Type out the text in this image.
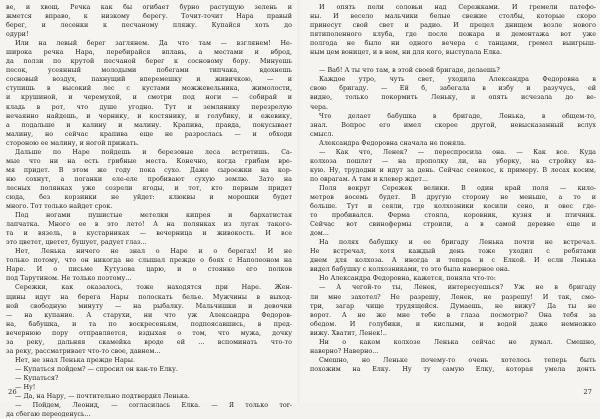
ве, и хвощ. Речка как бы огибает бурно растущую зелень и
жмется вправо, к низкому берегу. Точит-точит Нара правый
берег, и лесенки к песчаному пляжу. Купайся хоть до
одури!
Или на левый берег заглянем. Да что там — взглянем! Не-
широка речка Нара, перебирайся вплавь, а местами и вброд,
да ползи по крутой песчаной берег к сосновому бору. Минуешь
песок, усеянный молодыми побегами типчака, вдохнешь
сосновый воздух, пахнущий вперемешку и живичкою, — и
ступишь в высокий лес с кустами можжевельника, жимолости,
и крушиной, и черемухой, и смотри под ноги — собирай и
кладь в рот, что душе угодно. Тут и землянику перезрелую
нечаянно найдешь, и чернику, и костянику, и голубику, и ежевику,
а подальше и калину и малину. Крапива, правда, покусывает
малину, но сейчас крапива еще не разрослась — и обходи
стороною ее малину, и ногой прижать.
Дальше по Наре пойдешь и березовые леса встретишь. Са-
мые что ни на есть грибные места. Конечно, когда грибам вре-
мя придет. В этом же году пока сухо. Даже сыроежки на кор-
ню сохнут, а поганки еле-еле пробивают сухую землю. Зато на
лесных полянках уже созрели ягоды, и тот, кто первым придет
сюда, без корзинки не уйдет: клюквы и морошки будет
много. Тот только найдет срок.
Под ногами пушистые метелки кипрея и бархатистая
лапчатка. Много ее в это лето! А на полянках из лугах такого-
та и вязель, в кустарниках — вечерница и живокость. И все
это цветет, цветет, бушует, радует глаз...
Нет, Ленька ничего не знал о Наре и о берегах! И не
только потому, что он никогда не слышал прежде о боях с Наполеоном на
Наре. И о письме Кутузова царю, и о стоянке его полков
под Тарутином. Не только поэтому...
Сережки, как оказалось, тоже находятся при Наре. Жен-
щины идут на берега Нары полоскать белье. Мужчины в выход-
ной свободную минуту — на рыбалку. Мальчишки и девочки
— на купание. А старухи, ни что уж Александра Федоров-
на, бабушка, и та по воскресеньям, подпоясавшись, в пред-
вечернюю пору отправляется, вздыхая о том, что мужа, дочку
за реку, дальняя скамейка вроде ей ... вспоминать что-то
за реку, рассматривает что-то свое, давнем...
Нет, не знал Ленька прежде Нары.
— Купаться пойдем? — спросил он как-то Елку.
— Купаться?
— Ну!
— Да, на Нару, — почтительно подтвердил Ленька.
— Пойдем, Леонид, — согласилась Елка. — Я только тоr-
да сбегаю переоденусь...
26
И опять пели соловьи над Сережками. И гремели патефо-
ны. И весело мальчики белые свежие столбы, которые скоро
принесут свой свет и радио. И прецел днищем возле нового
пятиполенного клуба, где после пожара и демонтажа вот уже
полгода не было ни одного вечера с танцами, гремел выигрыш-
ным цем воницет, и в нем, ни для кого, выступала Елка.
— Ваб! А ты что там, в этой своей бригаде, делаешь?
Каждое утро, чуть свет, уходила Александра Федоровна в
свою бригаду. — Ей б, забегала в избу и разучусь, ей
видно, только покормить Леньку, и опять исчезала до ве-
чера.
Что делает бабушка в бригаде, Ленька, в общем-то,
знал. Вопрос его имел скорее другой, невысказанный вслух
смысл.
Александра Федоровна сначала не поняла.
— Как что, Ленек? — переспросила она. — Как все. Куда
колхоза пошлет — на прополку ли, на уборку, на стройку ка-
кую. Ну, трудодни и идут за день. Сейчас сенокос, к примеру. В лесах косим,
по оврагам. А там и клевер ждет...
Поля вокруг Сережек велики. В один край поля — кило-
метров восемь будет. В другую сторону не меньше, а то и
больше. Тут и сеяли, где колхозники косили сено, и овес где-
то пробивался. Ферма стояла, коровник, кузня и птичник.
Сейчас вот свинофермы строили, а в самой деревне еще и
дом...
На полях бабушку и ее бригаду Ленька почти не встречал.
Не встречал, хотя каждый день тоже уходил с ребятами
днем для колхоза. А иногда и теперь и с Елкой. И если Ленька
видел бабушку с колхозниками, то это была наверное она.
Но Александра Федоровна, кажется, поняла что-то:
— А чегой-то ты, Ленек, интересуешься? Уж не в бригаду
ли мне захотел? Не разрешу, Ленек, не разрешу! И так, смо-
три, загар чище трудящейся. Думаешь, не вижу? Да ты не
ворот. А не же мне тебе в глаза посмотрю? Она тебя за
обедом. И голубики, и кислыми, и водой даже немножко
вижу. Хватит, Ленек!..
Ни о каком колхозе Ленька сейчас не думал. Смешно,
наверно? Наверно...
Смешно, но Леньке почему-то очень хотелось теперь быть
похожим на Елку. Ну ту самую Елку, которая умела донть
27
